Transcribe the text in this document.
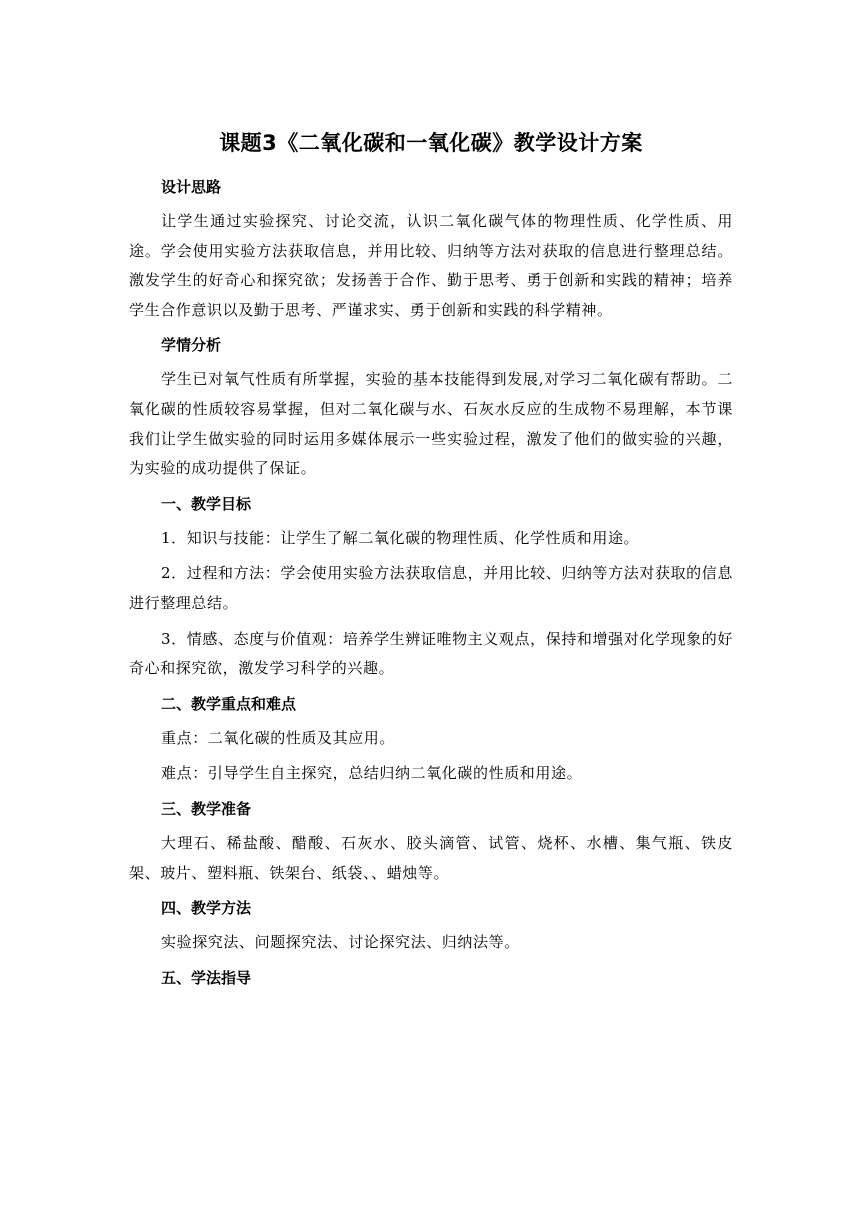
课题3《二氧化碳和一氧化碳》教学设计方案
设计思路

让学生通过实验探究、讨论交流，认识二氧化碳气体的物理性质、化学性质、用途。学会使用实验方法获取信息，并用比较、归纳等方法对获取的信息进行整理总结。激发学生的好奇心和探究欲；发扬善于合作、勤于思考、勇于创新和实践的精神；培养学生合作意识以及勤于思考、严谨求实、勇于创新和实践的科学精神。

学情分析

学生已对氧气性质有所掌握，实验的基本技能得到发展,对学习二氧化碳有帮助。二氧化碳的性质较容易掌握，但对二氧化碳与水、石灰水反应的生成物不易理解，本节课我们让学生做实验的同时运用多媒体展示一些实验过程，激发了他们的做实验的兴趣，为实验的成功提供了保证。

一、教学目标

1．知识与技能：让学生了解二氧化碳的物理性质、化学性质和用途。

2．过程和方法：学会使用实验方法获取信息，并用比较、归纳等方法对获取的信息进行整理总结。

3．情感、态度与价值观：培养学生辨证唯物主义观点，保持和增强对化学现象的好奇心和探究欲，激发学习科学的兴趣。

二、教学重点和难点

重点：二氧化碳的性质及其应用。

难点：引导学生自主探究，总结归纳二氧化碳的性质和用途。

三、教学准备

大理石、稀盐酸、醋酸、石灰水、胶头滴管、试管、烧杯、水槽、集气瓶、铁皮架、玻片、塑料瓶、铁架台、纸袋、、蜡烛等。

四、教学方法

实验探究法、问题探究法、讨论探究法、归纳法等。

五、学法指导
